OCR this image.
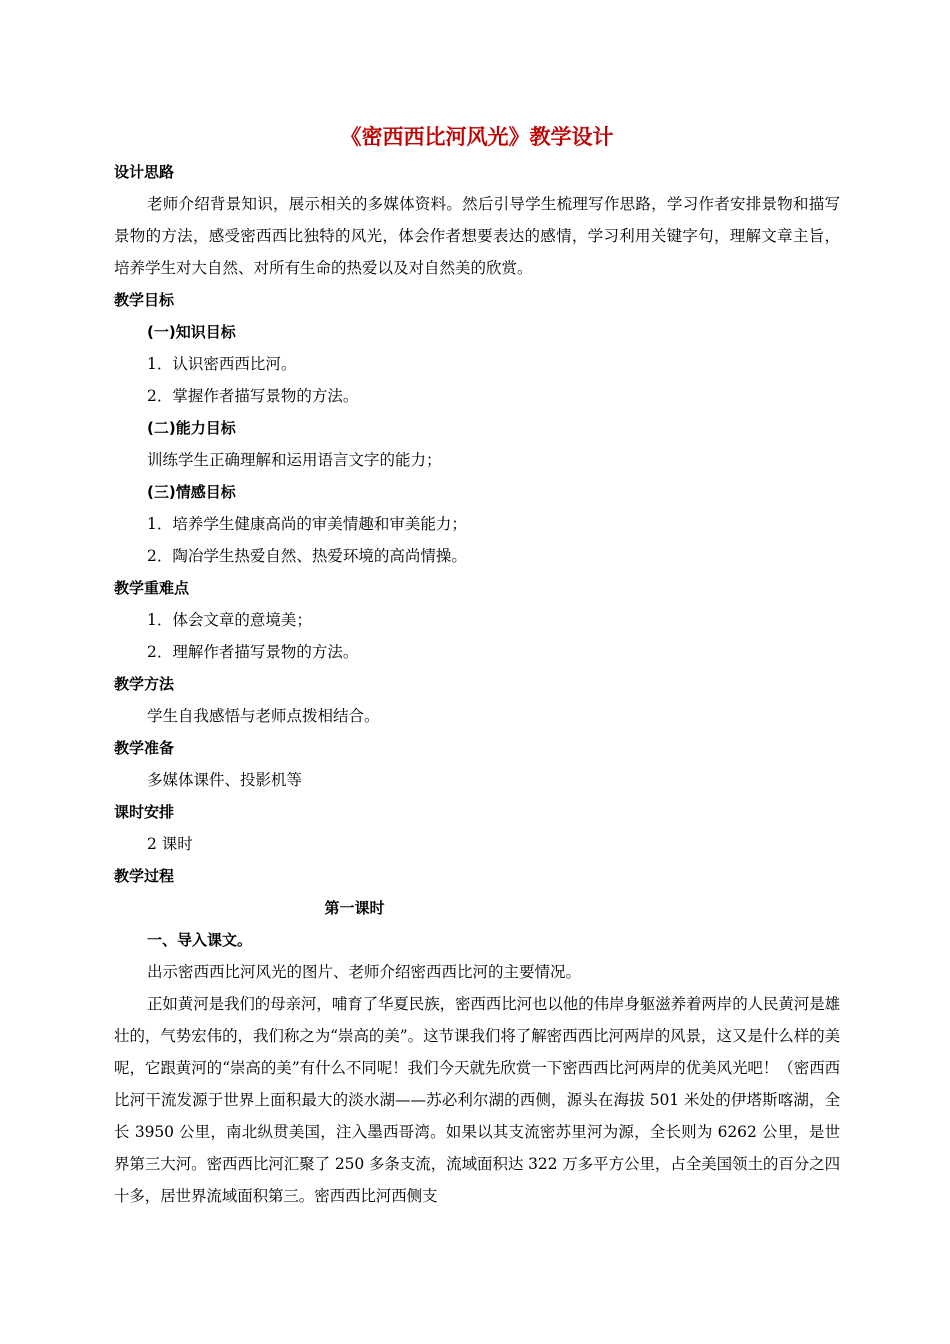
《密西西比河风光》教学设计
设计思路

老师介绍背景知识，展示相关的多媒体资料。然后引导学生梳理写作思路，学习作者安排景物和描写景物的方法，感受密西西比独特的风光，体会作者想要表达的感情，学习利用关键字句，理解文章主旨，培养学生对大自然、对所有生命的热爱以及对自然美的欣赏。

教学目标
(一)知识目标
1．认识密西西比河。
2．掌握作者描写景物的方法。
(二)能力目标
训练学生正确理解和运用语言文字的能力；
(三)情感目标
1．培养学生健康高尚的审美情趣和审美能力；
2．陶冶学生热爱自然、热爱环境的高尚情操。
教学重难点
1．体会文章的意境美；
2．理解作者描写景物的方法。
教学方法
学生自我感悟与老师点拨相结合。
教学准备
多媒体课件、投影机等
课时安排
2 课时
教学过程
第一课时
一、导入课文。
出示密西西比河风光的图片、老师介绍密西西比河的主要情况。

正如黄河是我们的母亲河，哺育了华夏民族，密西西比河也以他的伟岸身躯滋养着两岸的人民黄河是雄壮的，气势宏伟的，我们称之为“崇高的美”。这节课我们将了解密西西比河两岸的风景，这又是什么样的美呢，它跟黄河的“崇高的美”有什么不同呢！我们今天就先欣赏一下密西西比河两岸的优美风光吧！（密西西比河干流发源于世界上面积最大的淡水湖——苏必利尔湖的西侧，源头在海拔 501 米处的伊塔斯喀湖，全长 3950 公里，南北纵贯美国，注入墨西哥湾。如果以其支流密苏里河为源，全长则为 6262 公里，是世界第三大河。密西西比河汇聚了 250 多条支流，流域面积达 322 万多平方公里，占全美国领土的百分之四十多，居世界流域面积第三。密西西比河西侧支
